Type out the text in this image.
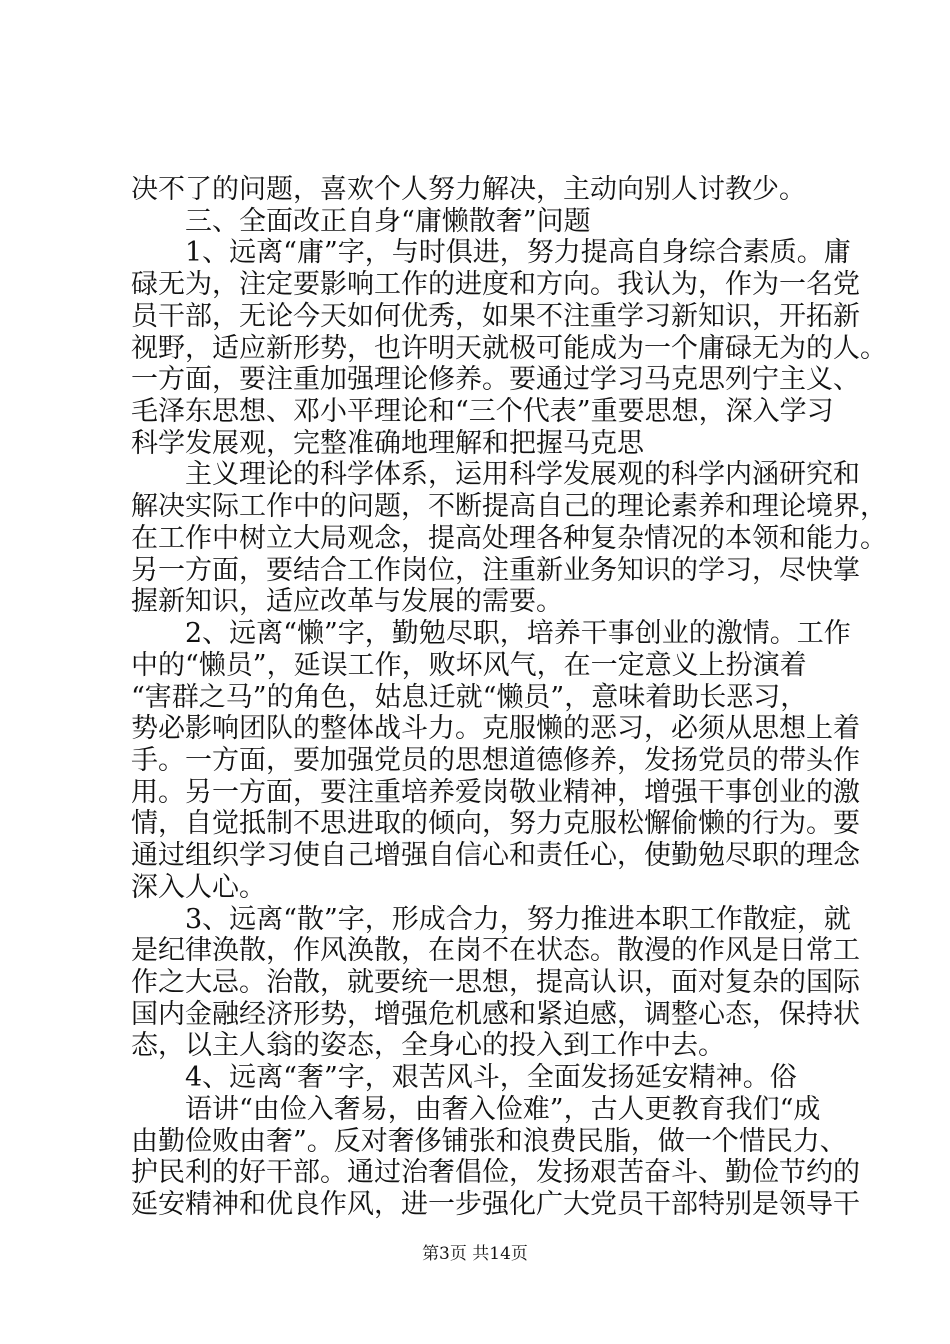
决不了的问题，喜欢个人努力解决，主动向别人讨教少。
　　三、全面改正自身“庸懒散奢”问题
　　1、远离“庸”字，与时俱进，努力提高自身综合素质。庸
碌无为，注定要影响工作的进度和方向。我认为，作为一名党
员干部，无论今天如何优秀，如果不注重学习新知识，开拓新
视野，适应新形势，也许明天就极可能成为一个庸碌无为的人。
一方面，要注重加强理论修养。要通过学习马克思列宁主义、
毛泽东思想、邓小平理论和“三个代表”重要思想，深入学习
科学发展观，完整准确地理解和把握马克思
　　主义理论的科学体系，运用科学发展观的科学内涵研究和
解决实际工作中的问题，不断提高自己的理论素养和理论境界，
在工作中树立大局观念，提高处理各种复杂情况的本领和能力。
另一方面，要结合工作岗位，注重新业务知识的学习，尽快掌
握新知识，适应改革与发展的需要。
　　2、远离“懒”字，勤勉尽职，培养干事创业的激情。工作
中的“懒员”，延误工作，败坏风气，在一定意义上扮演着
“害群之马”的角色，姑息迁就“懒员”，意味着助长恶习，
势必影响团队的整体战斗力。克服懒的恶习，必须从思想上着
手。一方面，要加强党员的思想道德修养，发扬党员的带头作
用。另一方面，要注重培养爱岗敬业精神，增强干事创业的激
情，自觉抵制不思进取的倾向，努力克服松懈偷懒的行为。要
通过组织学习使自己增强自信心和责任心，使勤勉尽职的理念
深入人心。
　　3、远离“散”字，形成合力，努力推进本职工作散症，就
是纪律涣散，作风涣散，在岗不在状态。散漫的作风是日常工
作之大忌。治散，就要统一思想，提高认识，面对复杂的国际
国内金融经济形势，增强危机感和紧迫感，调整心态，保持状
态，以主人翁的姿态，全身心的投入到工作中去。
　　4、远离“奢”字，艰苦风斗，全面发扬延安精神。俗
　　语讲“由俭入奢易，由奢入俭难”，古人更教育我们“成
由勤俭败由奢”。反对奢侈铺张和浪费民脂，做一个惜民力、
护民利的好干部。通过治奢倡俭，发扬艰苦奋斗、勤俭节约的
延安精神和优良作风，进一步强化广大党员干部特别是领导干
第3页 共14页
